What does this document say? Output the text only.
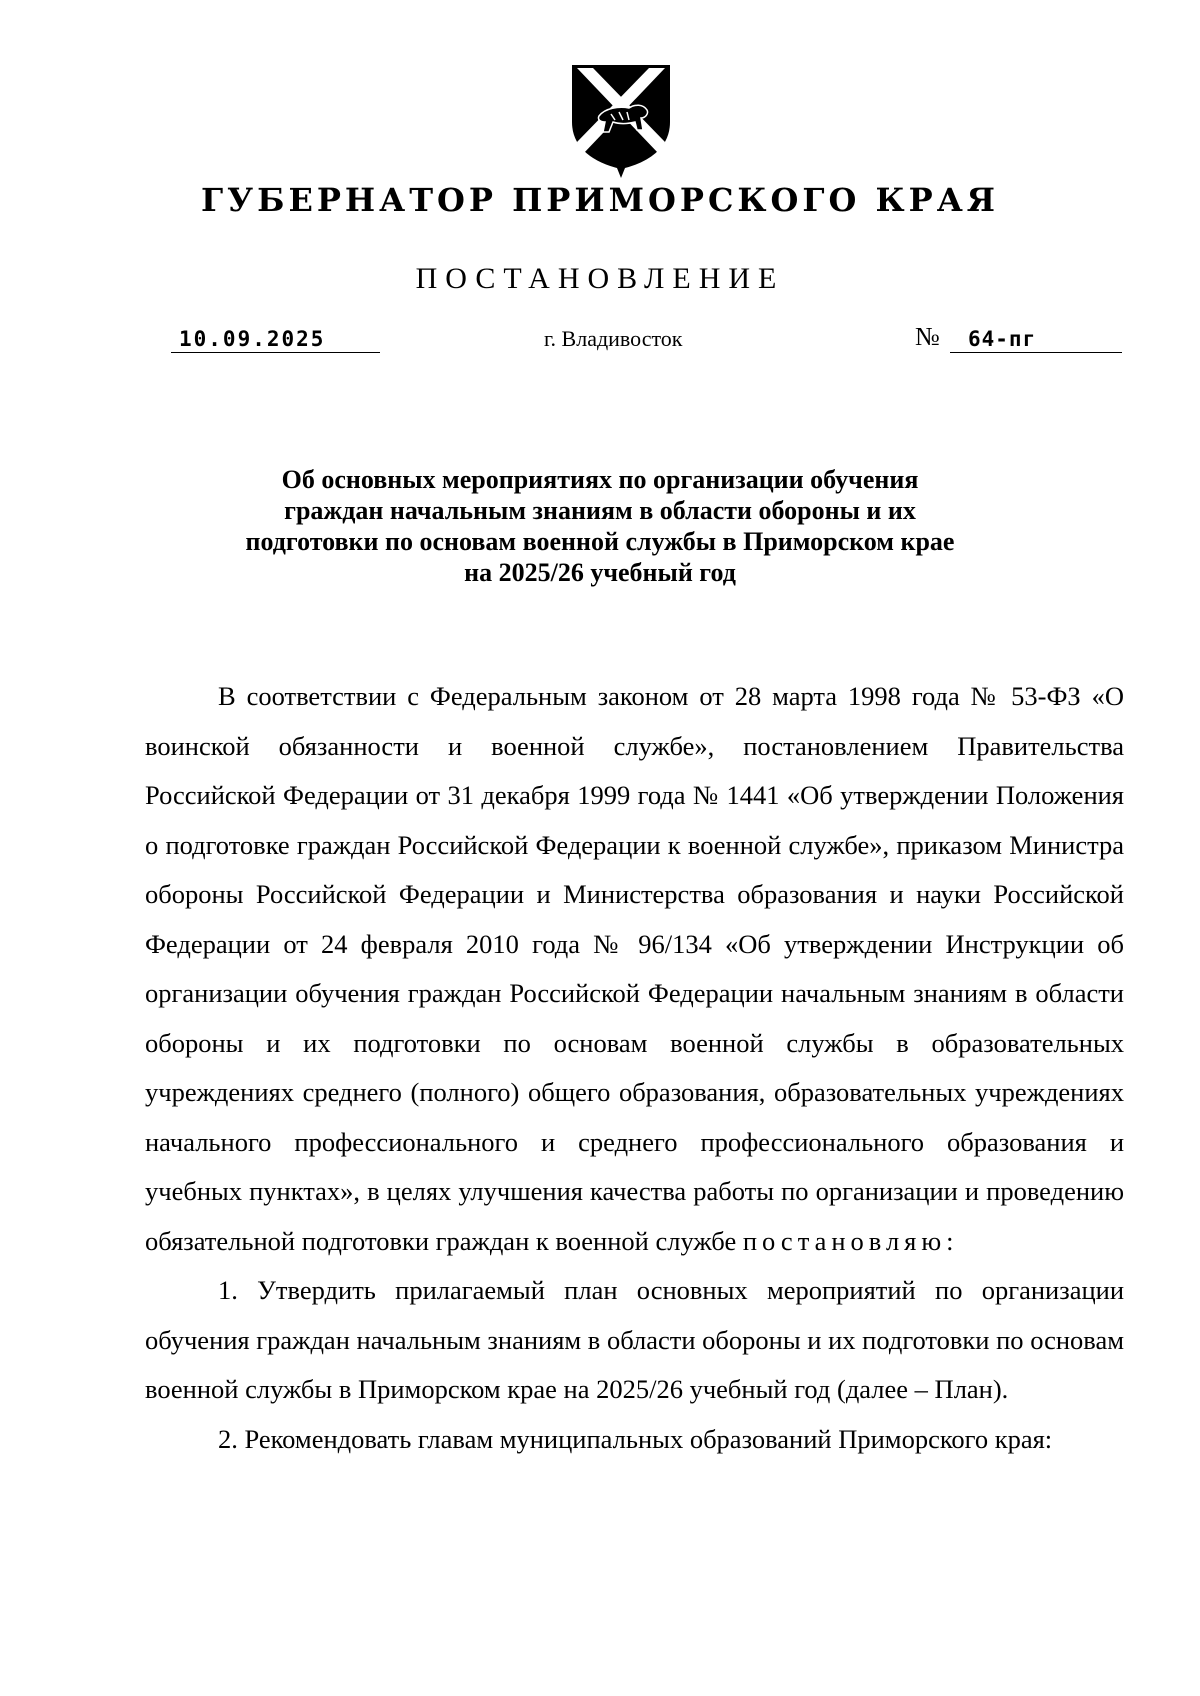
ГУБЕРНАТОР ПРИМОРСКОГО КРАЯ
ПОСТАНОВЛЕНИЕ
10.09.2025	г. Владивосток	№	64-пг
Об основных мероприятиях по организации обучения граждан начальным знаниям в области обороны и их подготовки по основам военной службы в Приморском крае на 2025/26 учебный год

В соответствии с Федеральным законом от 28 марта 1998 года № 53-ФЗ «О воинской обязанности и военной службе», постановлением Правительства Российской Федерации от 31 декабря 1999 года № 1441 «Об утверждении Положения о подготовке граждан Российской Федерации к военной службе», приказом Министра обороны Российской Федерации и Министерства образования и науки Российской Федерации от 24 февраля 2010 года № 96/134 «Об утверждении Инструкции об организации обучения граждан Российской Федерации начальным знаниям в области обороны и их подготовки по основам военной службы в образовательных учреждениях среднего (полного) общего образования, образовательных учреждениях начального профессионального и среднего профессионального образования и учебных пунктах», в целях улучшения качества работы по организации и проведению обязательной подготовки граждан к военной службе постановляю:

1. Утвердить прилагаемый план основных мероприятий по организации обучения граждан начальным знаниям в области обороны и их подготовки по основам военной службы в Приморском крае на 2025/26 учебный год (далее – План).

2. Рекомендовать главам муниципальных образований Приморского края:
